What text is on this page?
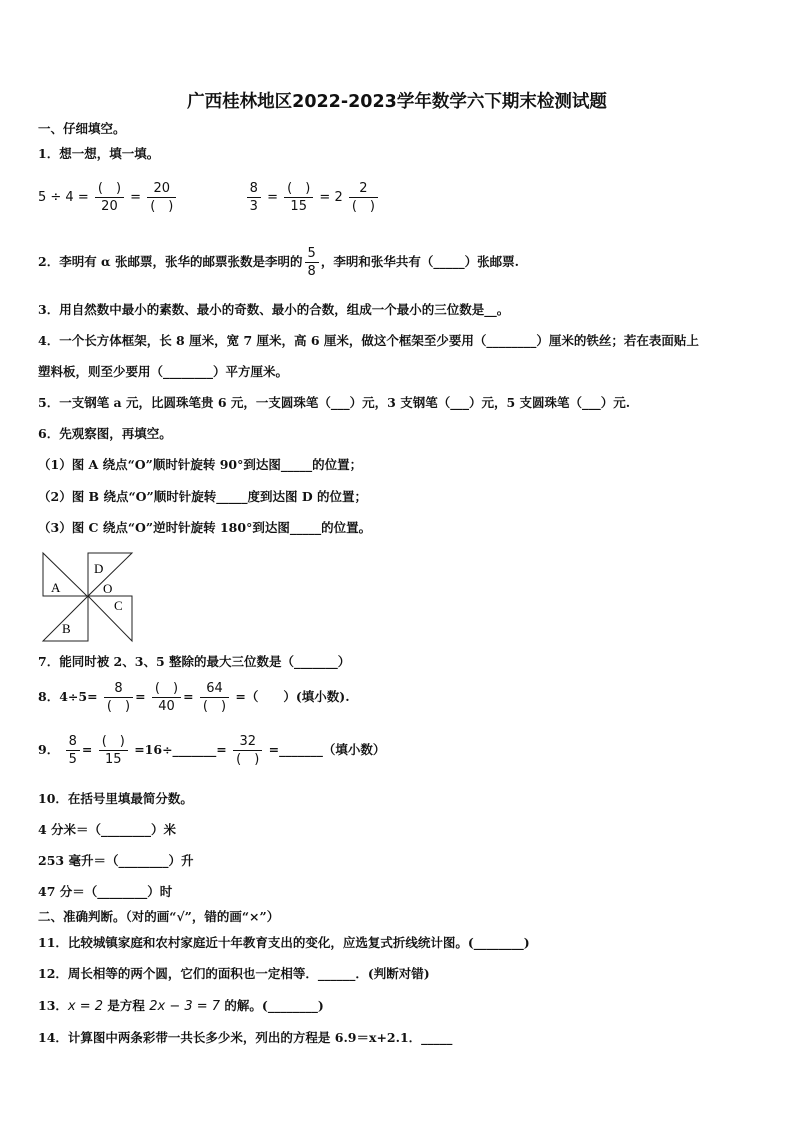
广西桂林地区2022-2023学年数学六下期末检测试题
一、仔细填空。
1．想一想，填一填。
$5 \div 4 = \frac{( )}{20} = \frac{20}{( )}$
	$\frac{8}{3} = \frac{( )}{15} = 2 \frac{2}{( )}$
2．李明有 α 张邮票，张华的邮票张数是李明的 $\frac{5}{8}$ ，李明和张华共有（_____）张邮票.
3．用自然数中最小的素数、最小的奇数、最小的合数，组成一个最小的三位数是__。
4．一个长方体框架，长 8 厘米，宽 7 厘米，高 6 厘米，做这个框架至少要用（________）厘米的铁丝；若在表面贴上
塑料板，则至少要用（________）平方厘米。
5．一支钢笔 a 元，比圆珠笔贵 6 元，一支圆珠笔（___）元，3 支钢笔（___）元，5 支圆珠笔（___）元.
6．先观察图，再填空。
（1）图 A 绕点“O”顺时针旋转 90°到达图_____的位置；
（2）图 B 绕点“O”顺时针旋转_____度到达图 D 的位置；
（3）图 C 绕点“O”逆时针旋转 180°到达图_____的位置。
A
D
O
C
B
7．能同时被 2、3、5 整除的最大三位数是（_______）
8．$4\div 5= \frac{8}{( )} = \frac{( )}{40} = \frac{64}{( )}$ =（　　）(填小数).
9． $\frac{8}{5} = \frac{( )}{15}$ =16÷_______= $\frac{32}{( )}$ =_______（填小数）
10．在括号里填最简分数。
4 分米＝（________）米
253 毫升＝（________）升
47 分＝（________）时
二、准确判断。（对的画“√”，错的画“×”）
11．比较城镇家庭和农村家庭近十年教育支出的变化，应选复式折线统计图。(________)
12．周长相等的两个圆，它们的面积也一定相等．______．(判断对错)
13．x = 2 是方程 2x − 3 = 7 的解。(________)
14．计算图中两条彩带一共长多少米，列出的方程是 6.9＝x+2.1．_____
